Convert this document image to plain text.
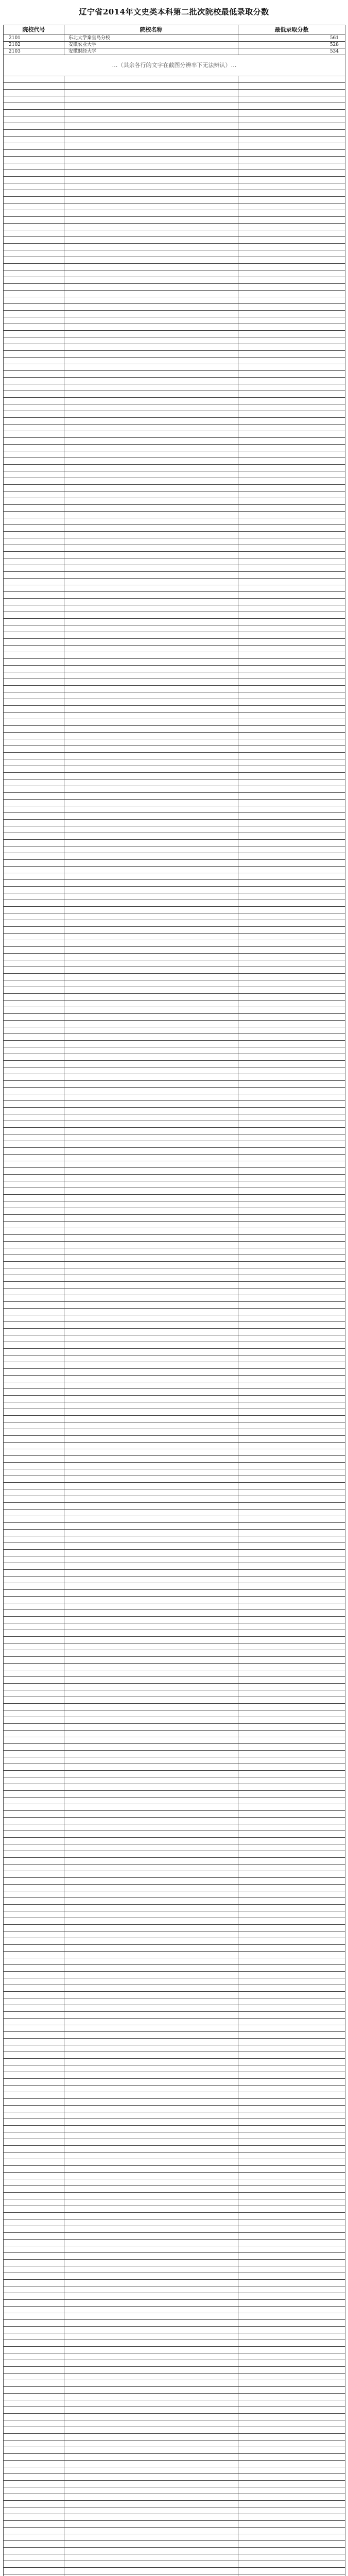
辽宁省2014年文史类本科第二批次院校最低录取分数
院校代号	院校名称	最低录取分数
2101	东北大学秦皇岛分校	561
2102	安徽农业大学	528
2103	安徽财经大学	534
…（其余各行的文字在截图分辨率下无法辨认）…		
